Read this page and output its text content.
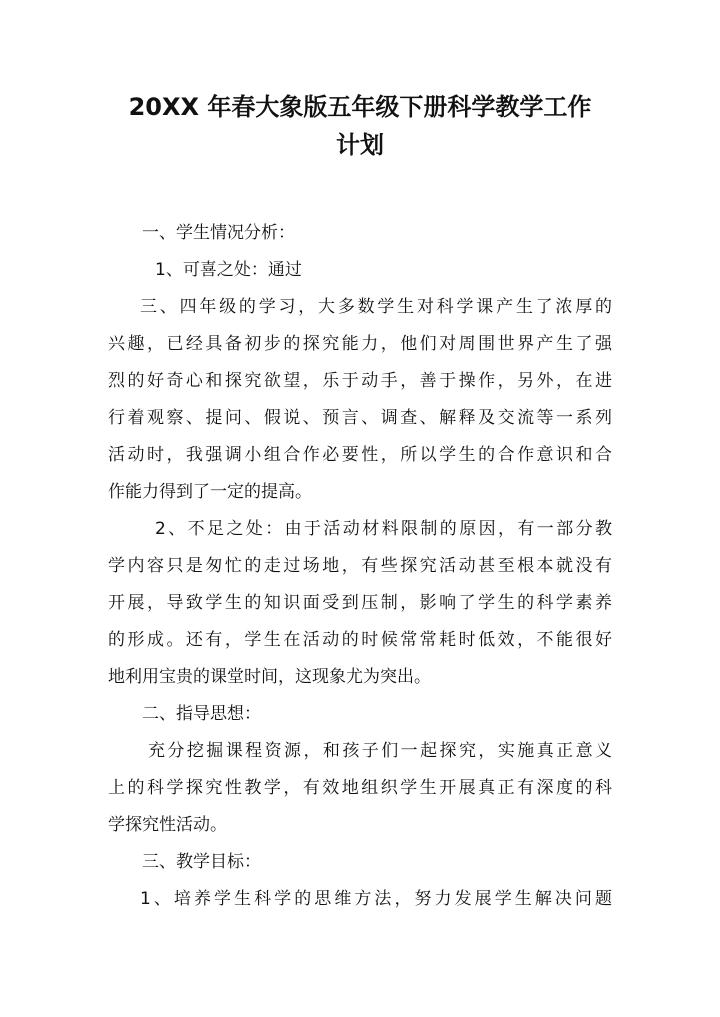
20XX 年春大象版五年级下册科学教学工作
计划

一、学生情况分析：

1、可喜之处：通过

三、四年级的学习，大多数学生对科学课产生了浓厚的

兴趣，已经具备初步的探究能力，他们对周围世界产生了强

烈的好奇心和探究欲望，乐于动手，善于操作，另外，在进

行着观察、提问、假说、预言、调查、解释及交流等一系列

活动时，我强调小组合作必要性，所以学生的合作意识和合

作能力得到了一定的提高。

2、不足之处：由于活动材料限制的原因，有一部分教

学内容只是匆忙的走过场地，有些探究活动甚至根本就没有

开展，导致学生的知识面受到压制，影响了学生的科学素养

的形成。还有，学生在活动的时候常常耗时低效，不能很好

地利用宝贵的课堂时间，这现象尤为突出。

二、指导思想：

充分挖掘课程资源，和孩子们一起探究，实施真正意义

上的科学探究性教学，有效地组织学生开展真正有深度的科

学探究性活动。

三、教学目标：

1、培养学生科学的思维方法，努力发展学生解决问题
